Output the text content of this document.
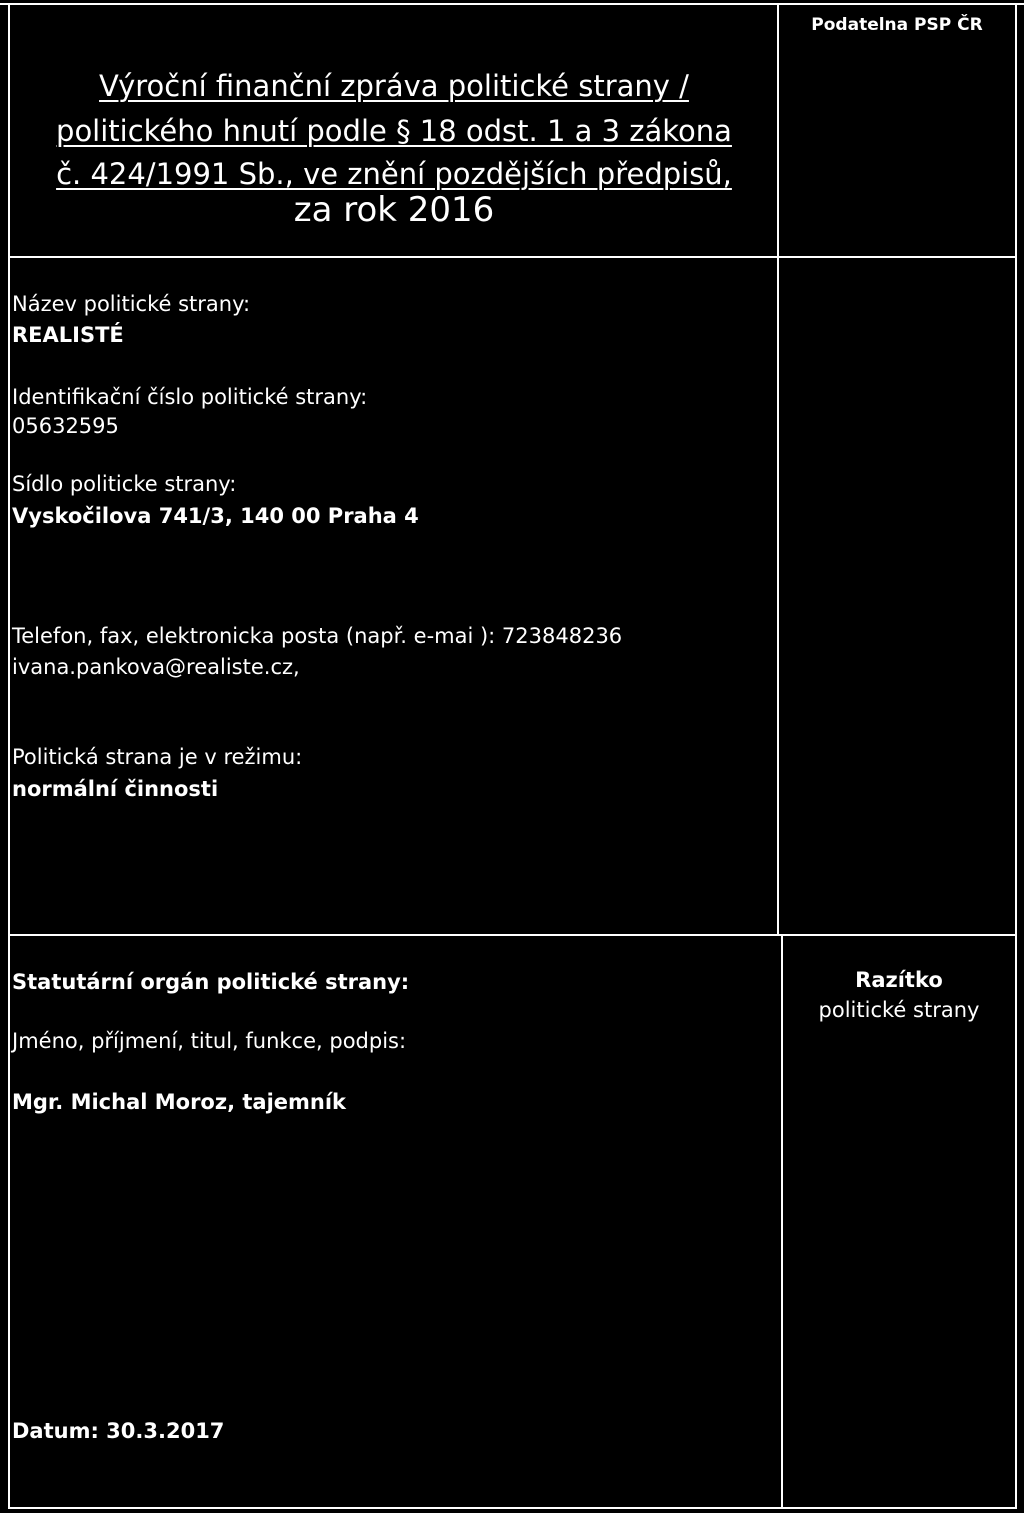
Podatelna PSP ČR
Výroční finanční zpráva politické strany /
politického hnutí podle § 18 odst. 1 a 3 zákona
č. 424/1991 Sb., ve znění pozdějších předpisů,
za rok 2016
Název politické strany:
REALISTÉ
Identifikační číslo politické strany:
05632595
Sídlo politicke strany:
Vyskočilova 741/3, 140 00 Praha 4
Telefon, fax, elektronicka posta (např. e-mai ): 723848236
ivana.pankova@realiste.cz,
Politická strana je v režimu:
normální činnosti
Statutární orgán politické strany:
Jméno, příjmení, titul, funkce, podpis:
Mgr. Michal Moroz, tajemník
Datum: 30.3.2017
Razítko
politické strany
